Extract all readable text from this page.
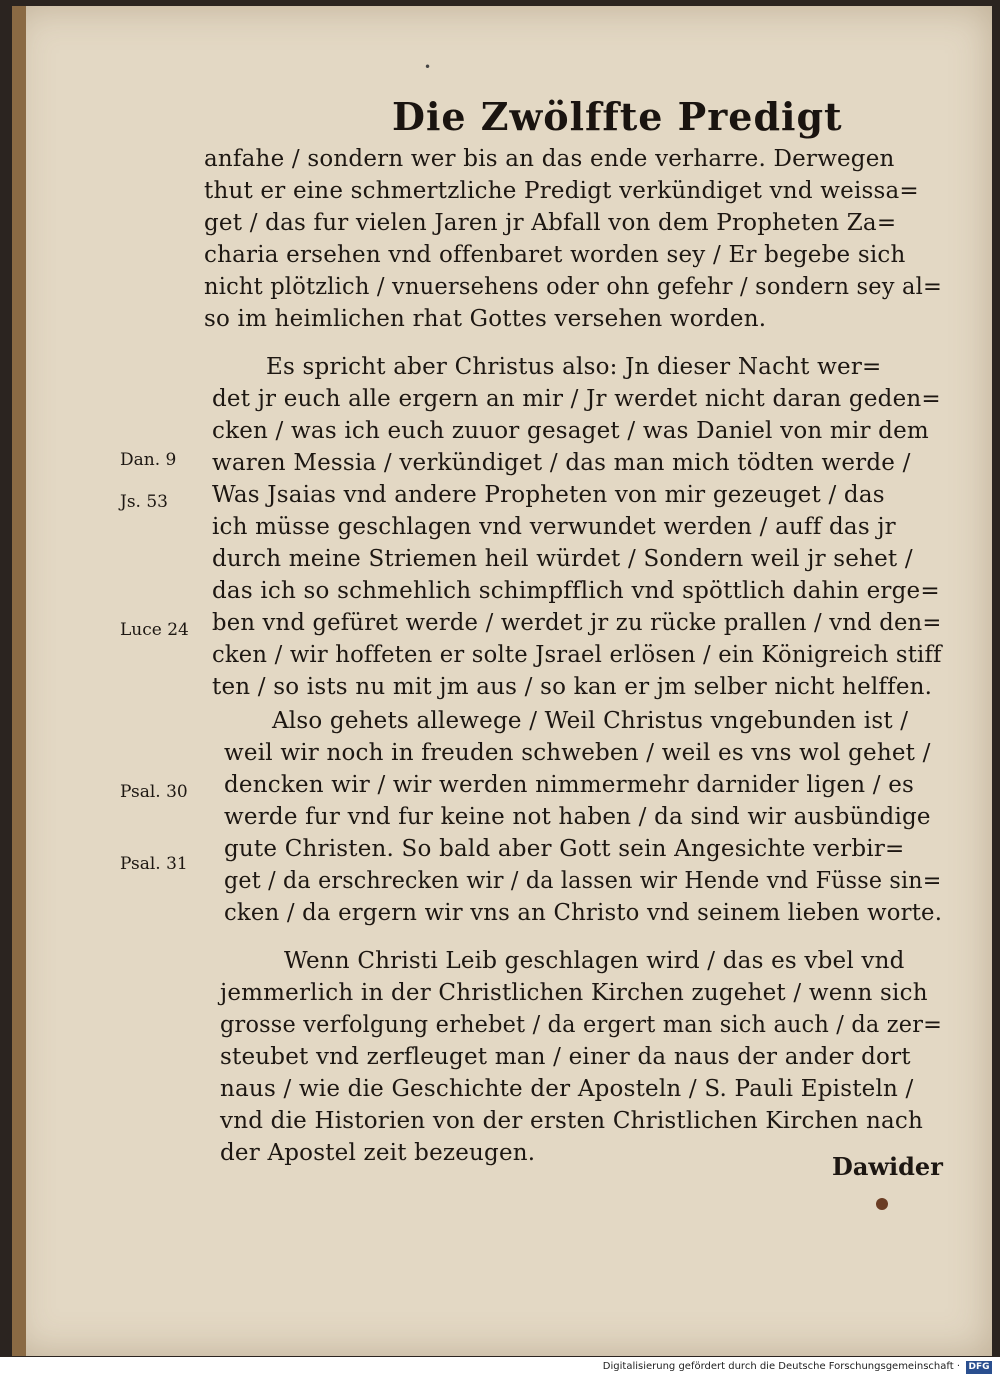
•
Die Zwölffte Predigt
anfahe / sondern wer bis an das ende verharre. Derwegen
thut er eine schmertzliche Predigt verkündiget vnd weissa=
get / das fur vielen Jaren jr Abfall von dem Propheten Za=
charia ersehen vnd offenbaret worden sey / Er begebe sich
nicht plötzlich / vnuersehens oder ohn gefehr / sondern sey al=
so im heimlichen rhat Gottes versehen worden.
Es spricht aber Christus also: Jn dieser Nacht wer=
det jr euch alle ergern an mir / Jr werdet nicht daran geden=
cken / was ich euch zuuor gesaget / was Daniel von mir dem
waren Messia / verkündiget / das man mich tödten werde /
Was Jsaias vnd andere Propheten von mir gezeuget / das
ich müsse geschlagen vnd verwundet werden / auff das jr
durch meine Striemen heil würdet / Sondern weil jr sehet /
das ich so schmehlich schimpfflich vnd spöttlich dahin erge=
ben vnd gefüret werde / werdet jr zu rücke prallen / vnd den=
cken / wir hoffeten er solte Jsrael erlösen / ein Königreich stiff
ten / so ists nu mit jm aus / so kan er jm selber nicht helffen.
Also gehets allewege / Weil Christus vngebunden ist /
weil wir noch in freuden schweben / weil es vns wol gehet /
dencken wir / wir werden nimmermehr darnider ligen / es
werde fur vnd fur keine not haben / da sind wir ausbündige
gute Christen. So bald aber Gott sein Angesichte verbir=
get / da erschrecken wir / da lassen wir Hende vnd Füsse sin=
cken / da ergern wir vns an Christo vnd seinem lieben worte.
Wenn Christi Leib geschlagen wird / das es vbel vnd
jemmerlich in der Christlichen Kirchen zugehet / wenn sich
grosse verfolgung erhebet / da ergert man sich auch / da zer=
steubet vnd zerfleuget man / einer da naus der ander dort
naus / wie die Geschichte der Aposteln / S. Pauli Episteln /
vnd die Historien von der ersten Christlichen Kirchen nach
der Apostel zeit bezeugen.
Dan. 9
Js. 53
Luce 24
Psal. 30
Psal. 31
Dawider
Digitalisierung gefördert durch die Deutsche Forschungsgemeinschaft · DFG
